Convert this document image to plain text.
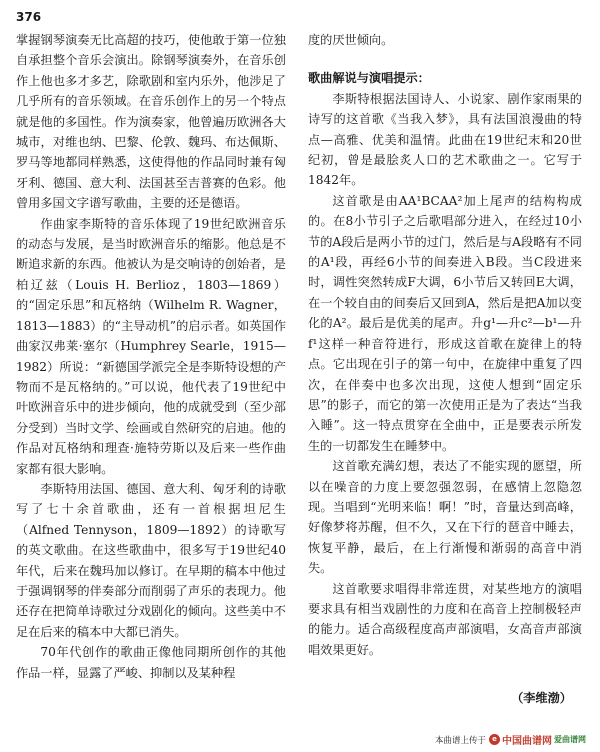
376

掌握钢琴演奏无比高超的技巧，使他敢于第一位独自承担整个音乐会演出。除钢琴演奏外，在音乐创作上他也多才多艺，除歌剧和室内乐外，他涉足了几乎所有的音乐领域。在音乐创作上的另一个特点就是他的多国性。作为演奏家，他曾遍历欧洲各大城市，对维也纳、巴黎、伦敦、魏玛、布达佩斯、罗马等地都同样熟悉，这使得他的作品同时兼有匈牙利、德国、意大利、法国甚至吉普赛的色彩。他曾用多国文字谱写歌曲，主要的还是德语。

作曲家李斯特的音乐体现了19世纪欧洲音乐的动态与发展，是当时欧洲音乐的缩影。他总是不断追求新的东西。他被认为是交响诗的创始者，是柏辽兹（Louis H. Berlioz，1803—1869）的“固定乐思”和瓦格纳（Wilhelm R. Wagner，1813—1883）的“主导动机”的启示者。如英国作曲家汉弗莱·塞尔（Humphrey Searle，1915—1982）所说：“新德国学派完全是李斯特设想的产物而不是瓦格纳的。”可以说，他代表了19世纪中叶欧洲音乐中的进步倾向，他的成就受到（至少部分受到）当时文学、绘画或自然研究的启迪。他的作品对瓦格纳和理查·施特劳斯以及后来一些作曲家都有很大影响。

李斯特用法国、德国、意大利、匈牙利的诗歌写了七十余首歌曲，还有一首根据坦尼生（Alfned Tennyson，1809—1892）的诗歌写的英文歌曲。在这些歌曲中，很多写于19世纪40年代，后来在魏玛加以修订。在早期的稿本中他过于强调钢琴的伴奏部分而削弱了声乐的表现力。他还存在把简单诗歌过分戏剧化的倾向。这些美中不足在后来的稿本中大都已消失。

70年代创作的歌曲正像他同期所创作的其他作品一样，显露了严峻、抑制以及某种程

度的厌世倾向。

歌曲解说与演唱提示：

李斯特根据法国诗人、小说家、剧作家雨果的诗写的这首歌《当我入梦》，具有法国浪漫曲的特点—高雅、优美和温情。此曲在19世纪末和20世纪初，曾是最脍炙人口的艺术歌曲之一。它写于1842年。

这首歌是由AA¹BCAA²加上尾声的结构构成的。在8小节引子之后歌唱部分进入，在经过10小节的A段后是两小节的过门，然后是与A段略有不同的A¹段，再经6小节的间奏进入B段。当C段进来时，调性突然转成F大调，6小节后又转回E大调，在一个较自由的间奏后又回到A，然后是把A加以变化的A²。最后是优美的尾声。升g¹—升c²—b¹—升f¹这样一种音符进行，形成这首歌在旋律上的特点。它出现在引子的第一句中，在旋律中重复了四次，在伴奏中也多次出现，这使人想到“固定乐思”的影子，而它的第一次使用正是为了表达“当我入睡”。这一特点贯穿在全曲中，正是要表示所发生的一切都发生在睡梦中。

这首歌充满幻想，表达了不能实现的愿望，所以在噪音的力度上要忽强忽弱，在感情上忽隐忽现。当唱到“光明来临！啊！”时，音量达到高峰，好像梦将苏醒，但不久，又在下行的琶音中睡去，恢复平静，最后，在上行渐慢和渐弱的高音中消失。

这首歌要求唱得非常连贯，对某些地方的演唱要求具有相当戏剧性的力度和在高音上控制极轻声的能力。适合高级程度高声部演唱，女高音声部演唱效果更好。

（李维渤）

本曲谱上传于 e 中国曲谱网 爱曲谱网
